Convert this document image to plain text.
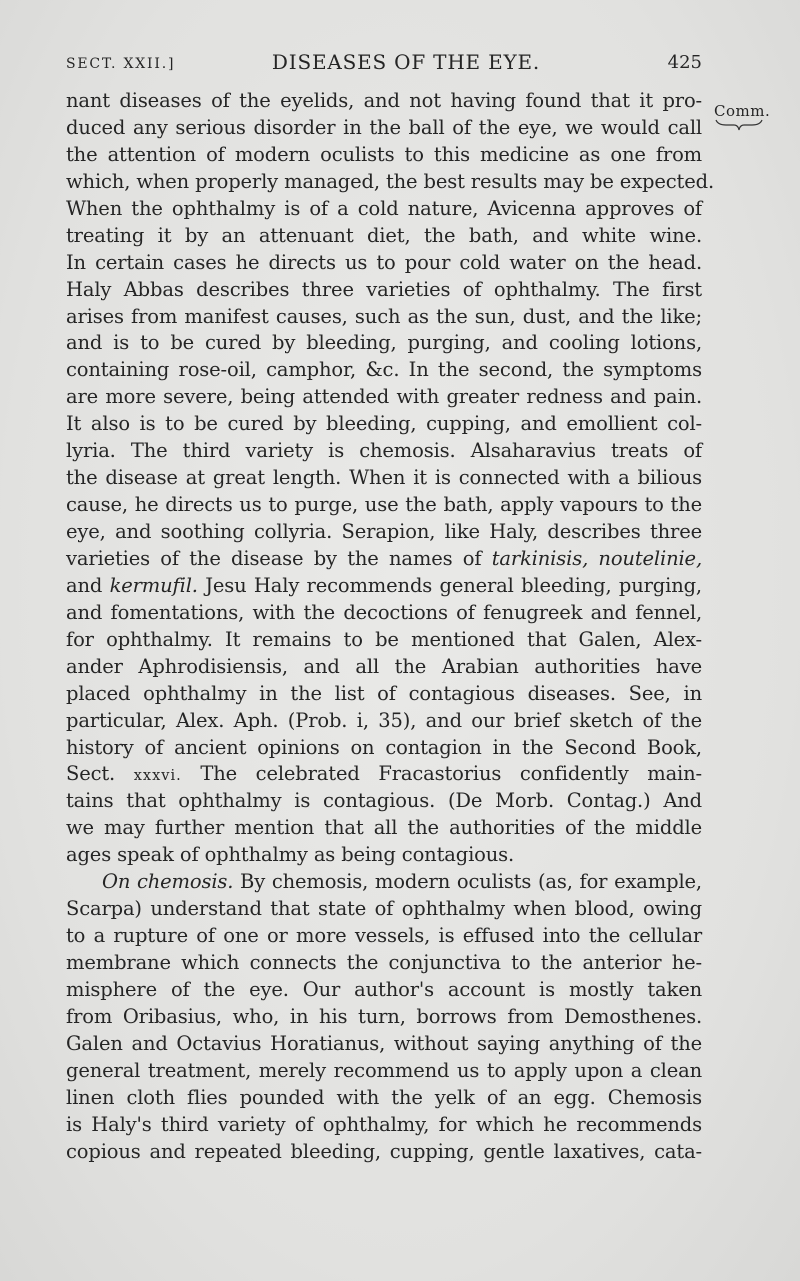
SECT. XXII.]	DISEASES OF THE EYE.	425
Comm.
nant diseases of the eyelids, and not having found that it pro-
duced any serious disorder in the ball of the eye, we would call
the attention of modern oculists to this medicine as one from
which, when properly managed, the best results may be expected.
When the ophthalmy is of a cold nature, Avicenna approves of
treating it by an attenuant diet, the bath, and white wine.
In certain cases he directs us to pour cold water on the head.
Haly Abbas describes three varieties of ophthalmy. The first
arises from manifest causes, such as the sun, dust, and the like;
and is to be cured by bleeding, purging, and cooling lotions,
containing rose-oil, camphor, &c. In the second, the symptoms
are more severe, being attended with greater redness and pain.
It also is to be cured by bleeding, cupping, and emollient col-
lyria. The third variety is chemosis. Alsaharavius treats of
the disease at great length. When it is connected with a bilious
cause, he directs us to purge, use the bath, apply vapours to the
eye, and soothing collyria. Serapion, like Haly, describes three
varieties of the disease by the names of tarkinisis, noutelinie,
and kermufil. Jesu Haly recommends general bleeding, purging,
and fomentations, with the decoctions of fenugreek and fennel,
for ophthalmy. It remains to be mentioned that Galen, Alex-
ander Aphrodisiensis, and all the Arabian authorities have
placed ophthalmy in the list of contagious diseases. See, in
particular, Alex. Aph. (Prob. i, 35), and our brief sketch of the
history of ancient opinions on contagion in the Second Book,
Sect. xxxvi. The celebrated Fracastorius confidently main-
tains that ophthalmy is contagious. (De Morb. Contag.) And
we may further mention that all the authorities of the middle
ages speak of ophthalmy as being contagious.
On chemosis. By chemosis, modern oculists (as, for example,
Scarpa) understand that state of ophthalmy when blood, owing
to a rupture of one or more vessels, is effused into the cellular
membrane which connects the conjunctiva to the anterior he-
misphere of the eye. Our author's account is mostly taken
from Oribasius, who, in his turn, borrows from Demosthenes.
Galen and Octavius Horatianus, without saying anything of the
general treatment, merely recommend us to apply upon a clean
linen cloth flies pounded with the yelk of an egg. Chemosis
is Haly's third variety of ophthalmy, for which he recommends
copious and repeated bleeding, cupping, gentle laxatives, cata-
